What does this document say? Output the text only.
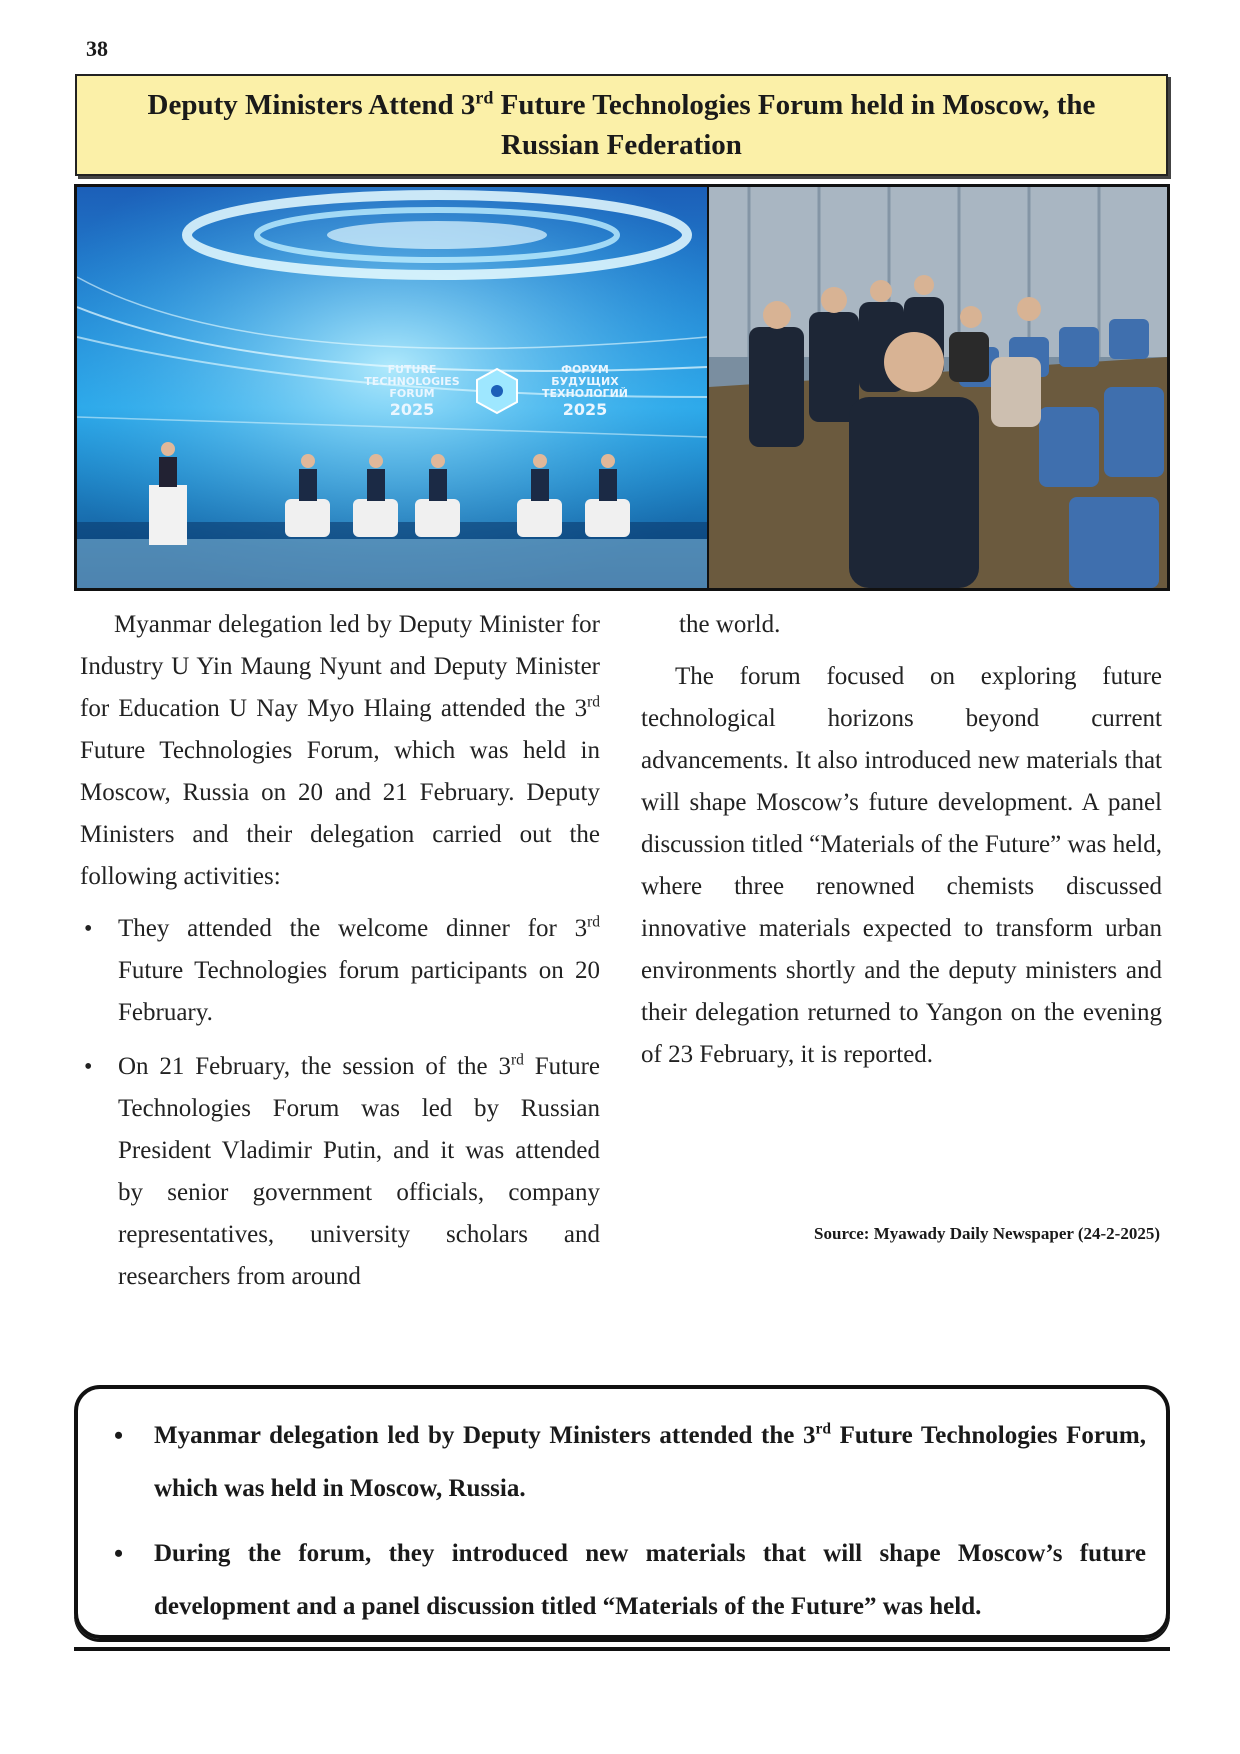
38
Deputy Ministers Attend 3rd Future Technologies Forum held in Moscow, the Russian Federation
FUTURE
TECHNOLOGIES
FORUM
2025
ФОРУМ
БУДУЩИХ
ТЕХНОЛОГИЙ
2025

Myanmar delegation led by Deputy Minister for Industry U Yin Maung Nyunt and Deputy Minister for Education U Nay Myo Hlaing attended the 3rd Future Technologies Forum, which was held in Moscow, Russia on 20 and 21 February. Deputy Ministers and their delegation carried out the following activities:

• They attended the welcome dinner for 3rd Future Technologies forum participants on 20 February.
• On 21 February, the session of the 3rd Future Technologies Forum was led by Russian President Vladimir Putin, and it was attended by senior government officials, company representatives, university scholars and researchers from around

the world.

The forum focused on exploring future technological horizons beyond current advancements. It also introduced new materials that will shape Moscow’s future development. A panel discussion titled “Materials of the Future” was held, where three renowned chemists discussed innovative materials expected to transform urban environments shortly and the deputy ministers and their delegation returned to Yangon on the evening of 23 February, it is reported.

Source: Myawady Daily Newspaper (24-2-2025)
• Myanmar delegation led by Deputy Ministers attended the 3rd Future Technologies Forum, which was held in Moscow, Russia.
• During the forum, they introduced new materials that will shape Moscow’s future development and a panel discussion titled “Materials of the Future” was held.
